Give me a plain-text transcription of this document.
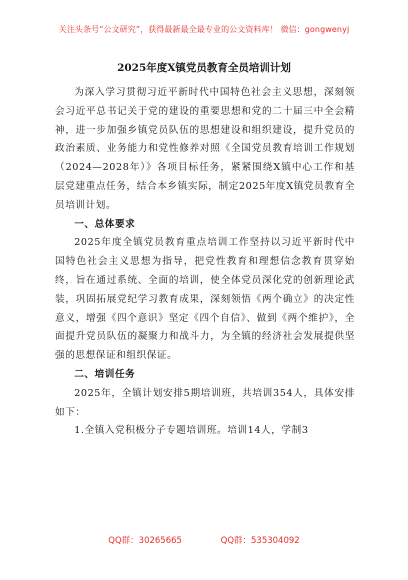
关注头条号“公文研究”，获得最新最全最专业的公文资料库！ 微信：gongwenyj
2025年度X镇党员教育全员培训计划

为深入学习贯彻习近平新时代中国特色社会主义思想，深刻领会习近平总书记关于党的建设的重要思想和党的二十届三中全会精神，进一步加强乡镇党员队伍的思想建设和组织建设，提升党员的政治素质、业务能力和党性修养对照《全国党员教育培训工作规划（2024—2028年）》各项目标任务，紧紧围绕X镇中心工作和基层党建重点任务，结合本乡镇实际，制定2025年度X镇党员教育全员培训计划。

一、总体要求

2025年度全镇党员教育重点培训工作坚持以习近平新时代中国特色社会主义思想为指导，把党性教育和理想信念教育贯穿始终，旨在通过系统、全面的培训，使全体党员深化党的创新理论武装，巩固拓展党纪学习教育成果，深刻领悟《两个确立》的决定性意义，增强《四个意识》坚定《四个自信》、做到《两个维护》，全面提升党员队伍的凝聚力和战斗力，为全镇的经济社会发展提供坚强的思想保证和组织保证。

二、培训任务

2025年，全镇计划安排5期培训班，共培训354人，具体安排如下：

1.全镇入党积极分子专题培训班。培训14人，学制3

QQ群：30265665	QQ群：535304092
